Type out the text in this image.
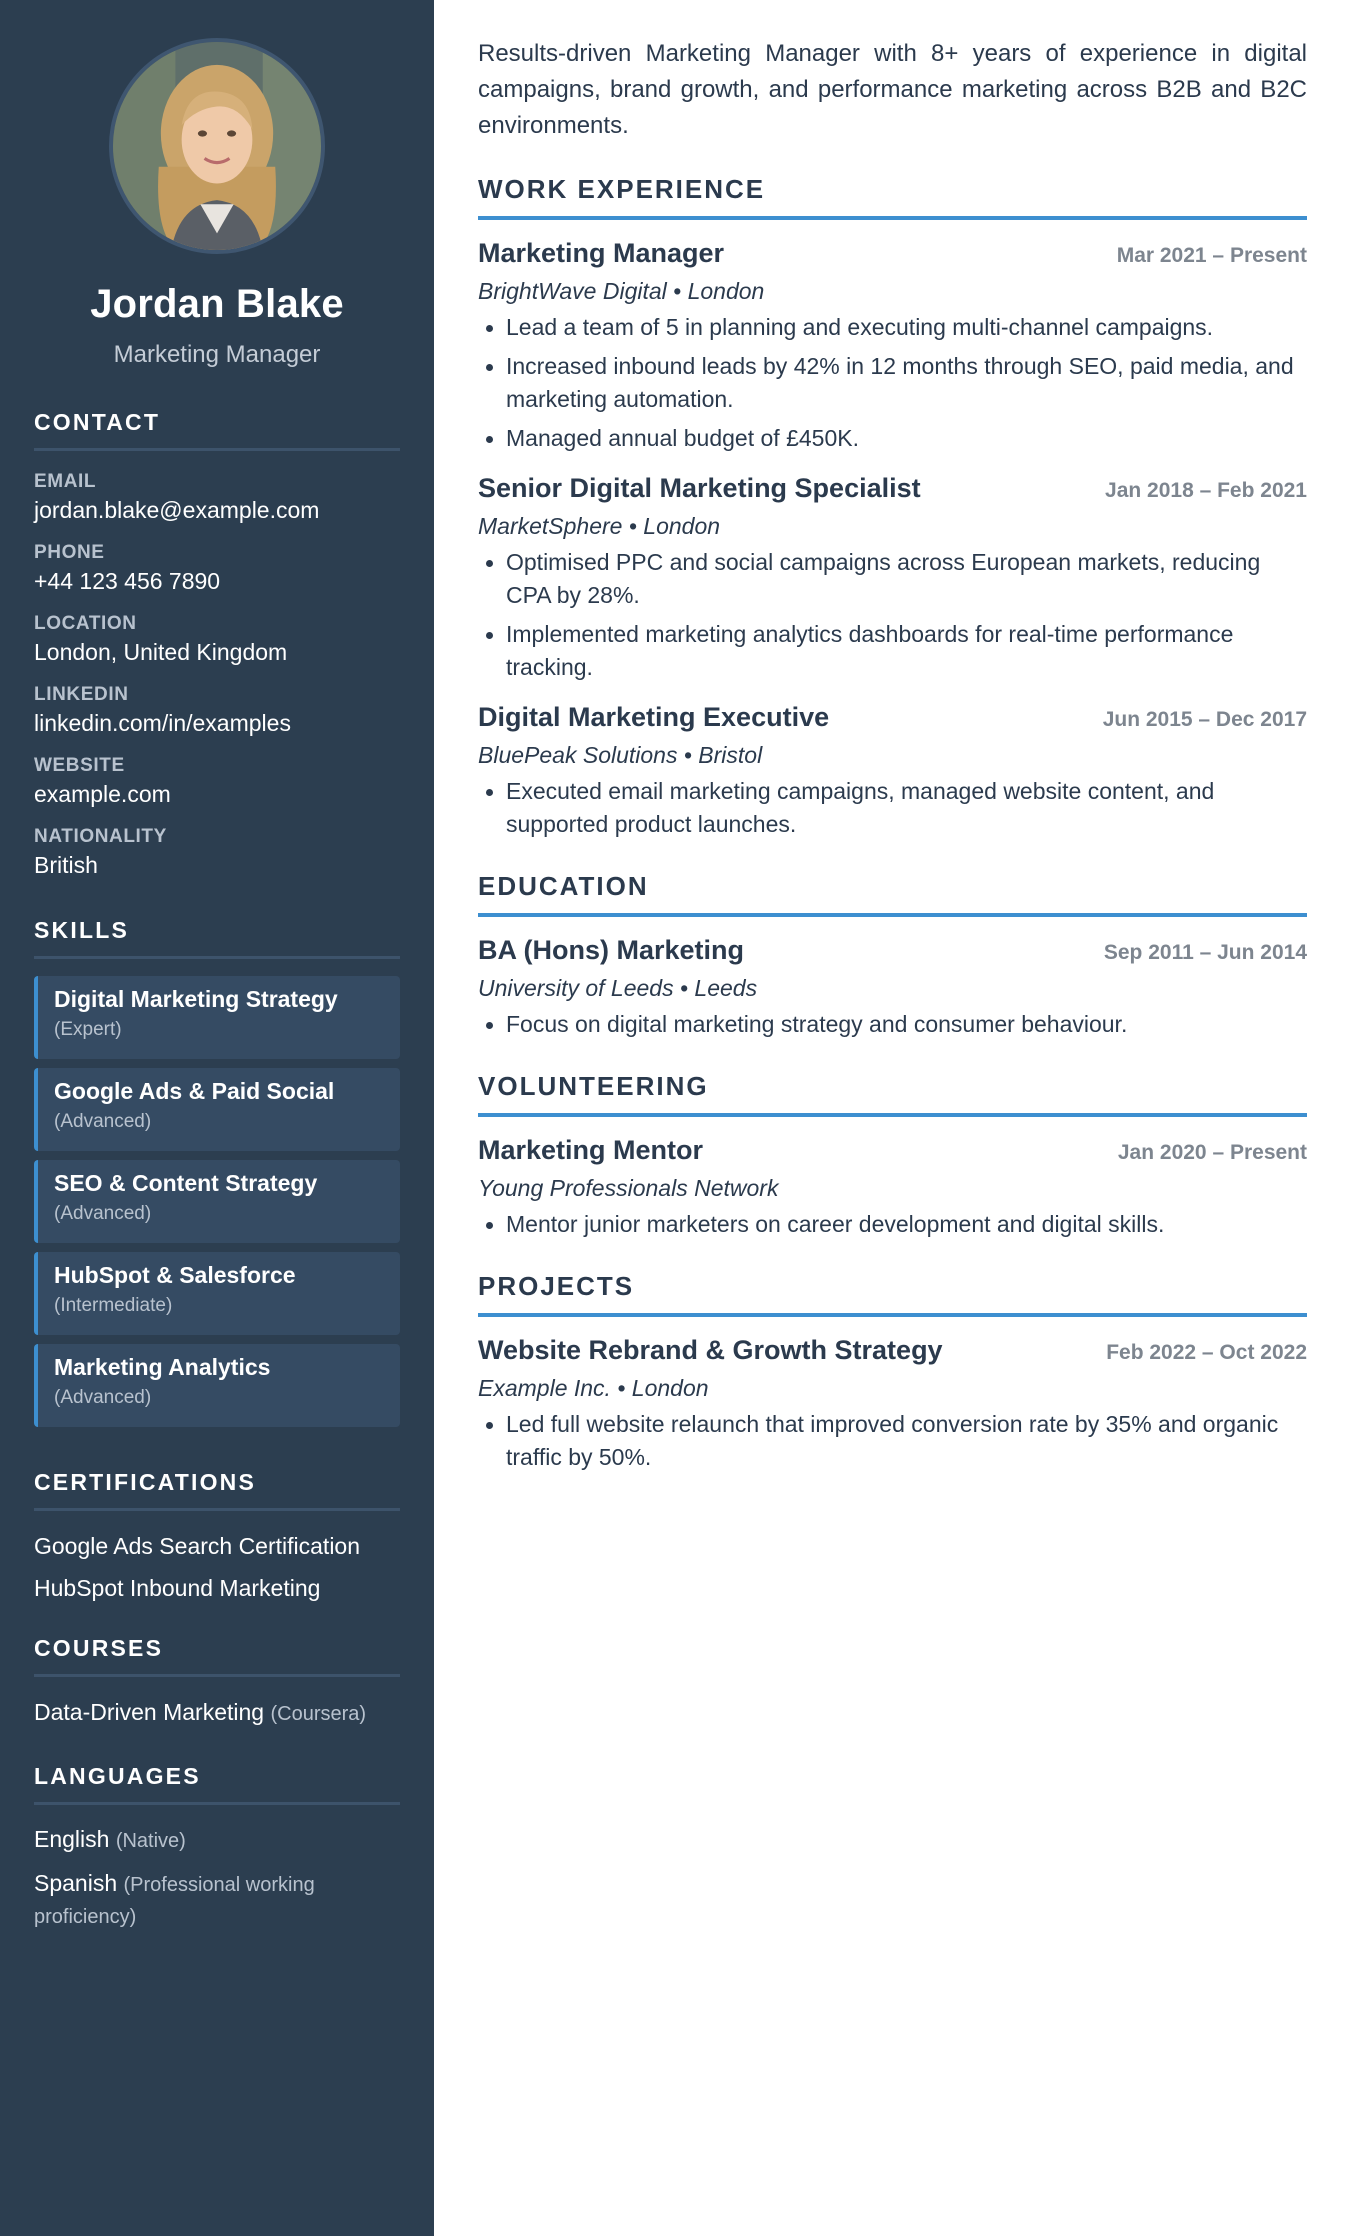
Jordan Blake
Marketing Manager
CONTACT
EMAIL
jordan.blake@example.com
PHONE
+44 123 456 7890
LOCATION
London, United Kingdom
LINKEDIN
linkedin.com/in/examples
WEBSITE
example.com
NATIONALITY
British
SKILLS
Digital Marketing Strategy
(Expert)
Google Ads & Paid Social
(Advanced)
SEO & Content Strategy
(Advanced)
HubSpot & Salesforce
(Intermediate)
Marketing Analytics
(Advanced)
CERTIFICATIONS
Google Ads Search Certification
HubSpot Inbound Marketing
COURSES
Data-Driven Marketing (Coursera)
LANGUAGES
English (Native)
Spanish (Professional working proficiency)

Results-driven Marketing Manager with 8+ years of experience in digital campaigns, brand growth, and performance marketing across B2B and B2C environments.

WORK EXPERIENCE
Marketing Manager	Mar 2021 – Present
BrightWave Digital • London
Lead a team of 5 in planning and executing multi-channel campaigns.
Increased inbound leads by 42% in 12 months through SEO, paid media, and marketing automation.
Managed annual budget of £450K.
Senior Digital Marketing Specialist	Jan 2018 – Feb 2021
MarketSphere • London
Optimised PPC and social campaigns across European markets, reducing CPA by 28%.
Implemented marketing analytics dashboards for real-time performance tracking.
Digital Marketing Executive	Jun 2015 – Dec 2017
BluePeak Solutions • Bristol
Executed email marketing campaigns, managed website content, and supported product launches.
EDUCATION
BA (Hons) Marketing	Sep 2011 – Jun 2014
University of Leeds • Leeds
Focus on digital marketing strategy and consumer behaviour.
VOLUNTEERING
Marketing Mentor	Jan 2020 – Present
Young Professionals Network
Mentor junior marketers on career development and digital skills.
PROJECTS
Website Rebrand & Growth Strategy	Feb 2022 – Oct 2022
Example Inc. • London
Led full website relaunch that improved conversion rate by 35% and organic traffic by 50%.
